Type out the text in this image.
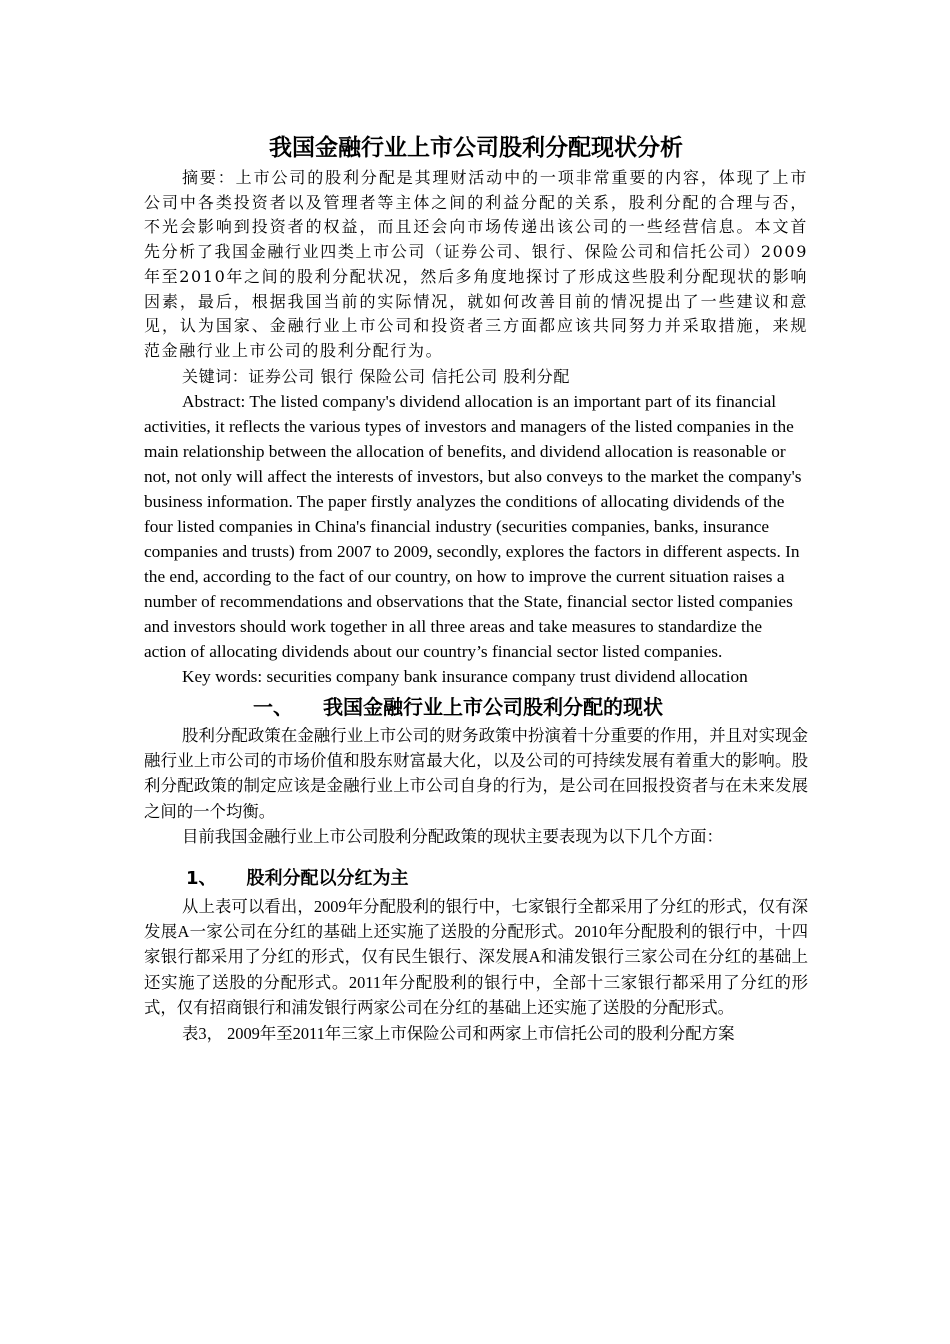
我国金融行业上市公司股利分配现状分析

摘要：上市公司的股利分配是其理财活动中的一项非常重要的内容，体现了上市公司中各类投资者以及管理者等主体之间的利益分配的关系，股利分配的合理与否，不光会影响到投资者的权益，而且还会向市场传递出该公司的一些经营信息。本文首先分析了我国金融行业四类上市公司（证券公司、银行、保险公司和信托公司）2009年至2010年之间的股利分配状况，然后多角度地探讨了形成这些股利分配现状的影响因素，最后，根据我国当前的实际情况，就如何改善目前的情况提出了一些建议和意见，认为国家、金融行业上市公司和投资者三方面都应该共同努力并采取措施，来规范金融行业上市公司的股利分配行为。

关键词：证券公司 银行 保险公司 信托公司 股利分配

Abstract: The listed company's dividend allocation is an important part of its financial activities, it reflects the various types of investors and managers of the listed companies in the main relationship between the allocation of benefits, and dividend allocation is reasonable or not, not only will affect the interests of investors, but also conveys to the market the company's business information. The paper firstly analyzes the conditions of allocating dividends of the four listed companies in China's financial industry (securities companies, banks, insurance companies and trusts) from 2007 to 2009, secondly, explores the factors in different aspects. In the end, according to the fact of our country, on how to improve the current situation raises a number of recommendations and observations that the State, financial sector listed companies and investors should work together in all three areas and take measures to standardize the action of allocating dividends about our country’s financial sector listed companies.

Key words: securities company bank insurance company trust dividend allocation

一、 我国金融行业上市公司股利分配的现状

股利分配政策在金融行业上市公司的财务政策中扮演着十分重要的作用，并且对实现金融行业上市公司的市场价值和股东财富最大化，以及公司的可持续发展有着重大的影响。股利分配政策的制定应该是金融行业上市公司自身的行为，是公司在回报投资者与在未来发展之间的一个均衡。

目前我国金融行业上市公司股利分配政策的现状主要表现为以下几个方面：

1、 股利分配以分红为主

从上表可以看出，2009年分配股利的银行中，七家银行全都采用了分红的形式，仅有深发展A一家公司在分红的基础上还实施了送股的分配形式。2010年分配股利的银行中，十四家银行都采用了分红的形式，仅有民生银行、深发展A和浦发银行三家公司在分红的基础上还实施了送股的分配形式。2011年分配股利的银行中，全部十三家银行都采用了分红的形式，仅有招商银行和浦发银行两家公司在分红的基础上还实施了送股的分配形式。

表3， 2009年至2011年三家上市保险公司和两家上市信托公司的股利分配方案
